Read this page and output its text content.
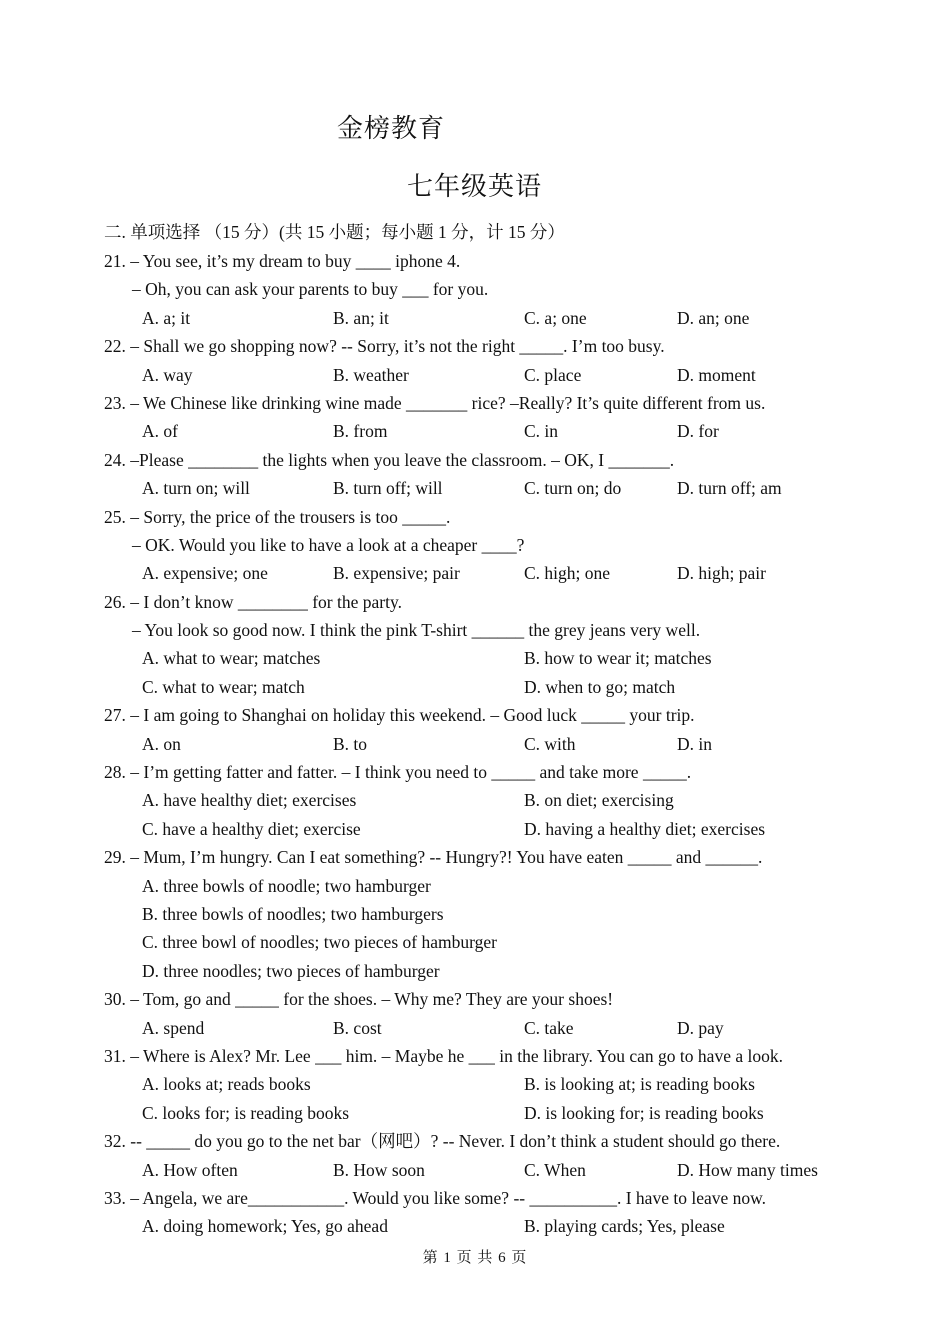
金榜教育
七年级英语
二. 单项选择 （15 分）(共 15 小题；每小题 1 分，计 15 分）
21. – You see, it’s my dream to buy ____ iphone 4.
– Oh, you can ask your parents to buy ___ for you.
A. a; it	B. an; it	C. a; one	D. an; one
22. – Shall we go shopping now? -- Sorry, it’s not the right _____. I’m too busy.
A. way	B. weather	C. place	D. moment
23. – We Chinese like drinking wine made _______ rice? –Really? It’s quite different from us.
A. of	B. from	C. in	D. for
24. –Please ________ the lights when you leave the classroom. – OK, I _______.
A. turn on; will	B. turn off; will	C. turn on; do	D. turn off; am
25. – Sorry, the price of the trousers is too _____.
– OK. Would you like to have a look at a cheaper ____?
A. expensive; one	B. expensive; pair	C. high; one	D. high; pair
26. – I don’t know ________ for the party.
– You look so good now. I think the pink T-shirt ______ the grey jeans very well.
A. what to wear; matches	B. how to wear it; matches
C. what to wear; match	D. when to go; match
27. – I am going to Shanghai on holiday this weekend. – Good luck _____ your trip.
A. on	B. to	C. with	D. in
28. – I’m getting fatter and fatter. – I think you need to _____ and take more _____.
A. have healthy diet; exercises	B. on diet; exercising
C. have a healthy diet; exercise	D. having a healthy diet; exercises
29. – Mum, I’m hungry. Can I eat something? -- Hungry?! You have eaten _____ and ______.
A. three bowls of noodle; two hamburger
B. three bowls of noodles; two hamburgers
C. three bowl of noodles; two pieces of hamburger
D. three noodles; two pieces of hamburger
30. – Tom, go and _____ for the shoes. – Why me? They are your shoes!
A. spend	B. cost	C. take	D. pay
31. – Where is Alex? Mr. Lee ___ him. – Maybe he ___ in the library. You can go to have a look.
A. looks at; reads books	B. is looking at; is reading books
C. looks for; is reading books	D. is looking for; is reading books
32. -- _____ do you go to the net bar（网吧）? -- Never. I don’t think a student should go there.
A. How often	B. How soon	C. When	D. How many times
33. – Angela, we are___________. Would you like some? -- __________. I have to leave now.
A. doing homework; Yes, go ahead	B. playing cards; Yes, please
第 1 页 共 6 页
